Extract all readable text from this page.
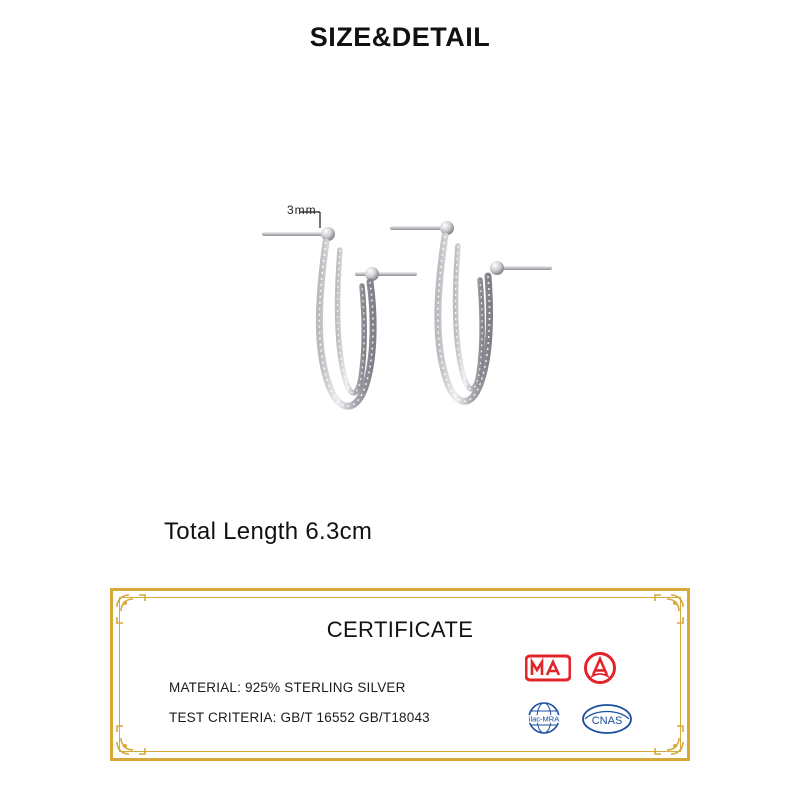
SIZE&DETAIL
3mm
Total Length 6.3cm
CERTIFICATE
MATERIAL: 925% STERLING SILVER
TEST CRITERIA: GB/T 16552 GB/T18043	ilac-MRA	CNAS
